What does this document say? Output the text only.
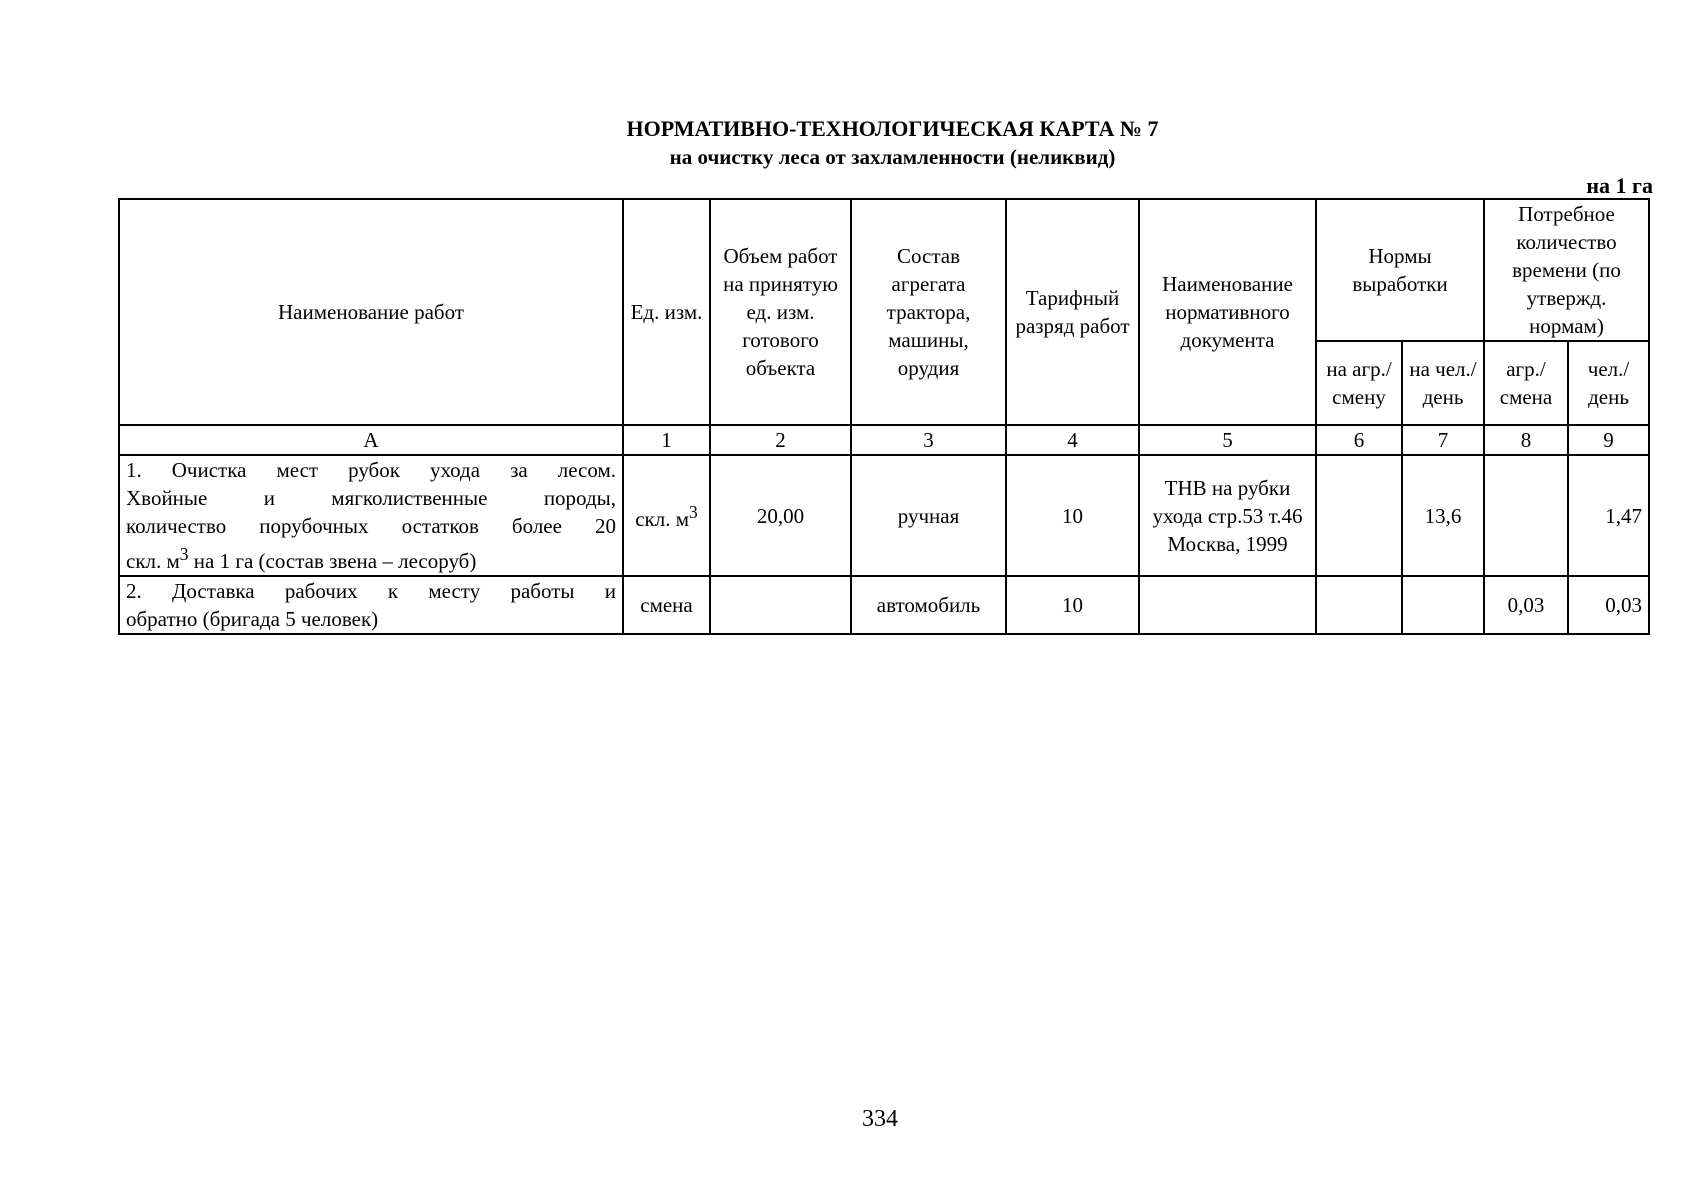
НОРМАТИВНО-ТЕХНОЛОГИЧЕСКАЯ КАРТА № 7
на очистку леса от захламленности (неликвид)
на 1 га
Наименование работ	Ед. изм.	Объем работ на принятую ед. изм. готового объекта	Состав агрегата трактора, машины, орудия	Тарифный разряд работ	Наименование нормативного документа	Нормы выработки		Потребное количество времени (по утвержд. нормам)	
						на агр./ смену	на чел./ день	агр./ смена	чел./ день
А	1	2	3	4	5	6	7	8	9

1. Очистка мест рубок ухода за лесом.
Хвойные и мягколиственные породы,
количество порубочных остатков более 20
скл. $м^3$ на 1 га (состав звена – лесоруб)	скл. $м^3$	20,00	ручная	10	ТНВ на рубки ухода стр.53 т.46 Москва, 1999		13,6		1,47

2. Доставка рабочих к месту работы и
обратно (бригада 5 человек)	смена		автомобиль	10				0,03	0,03
334
